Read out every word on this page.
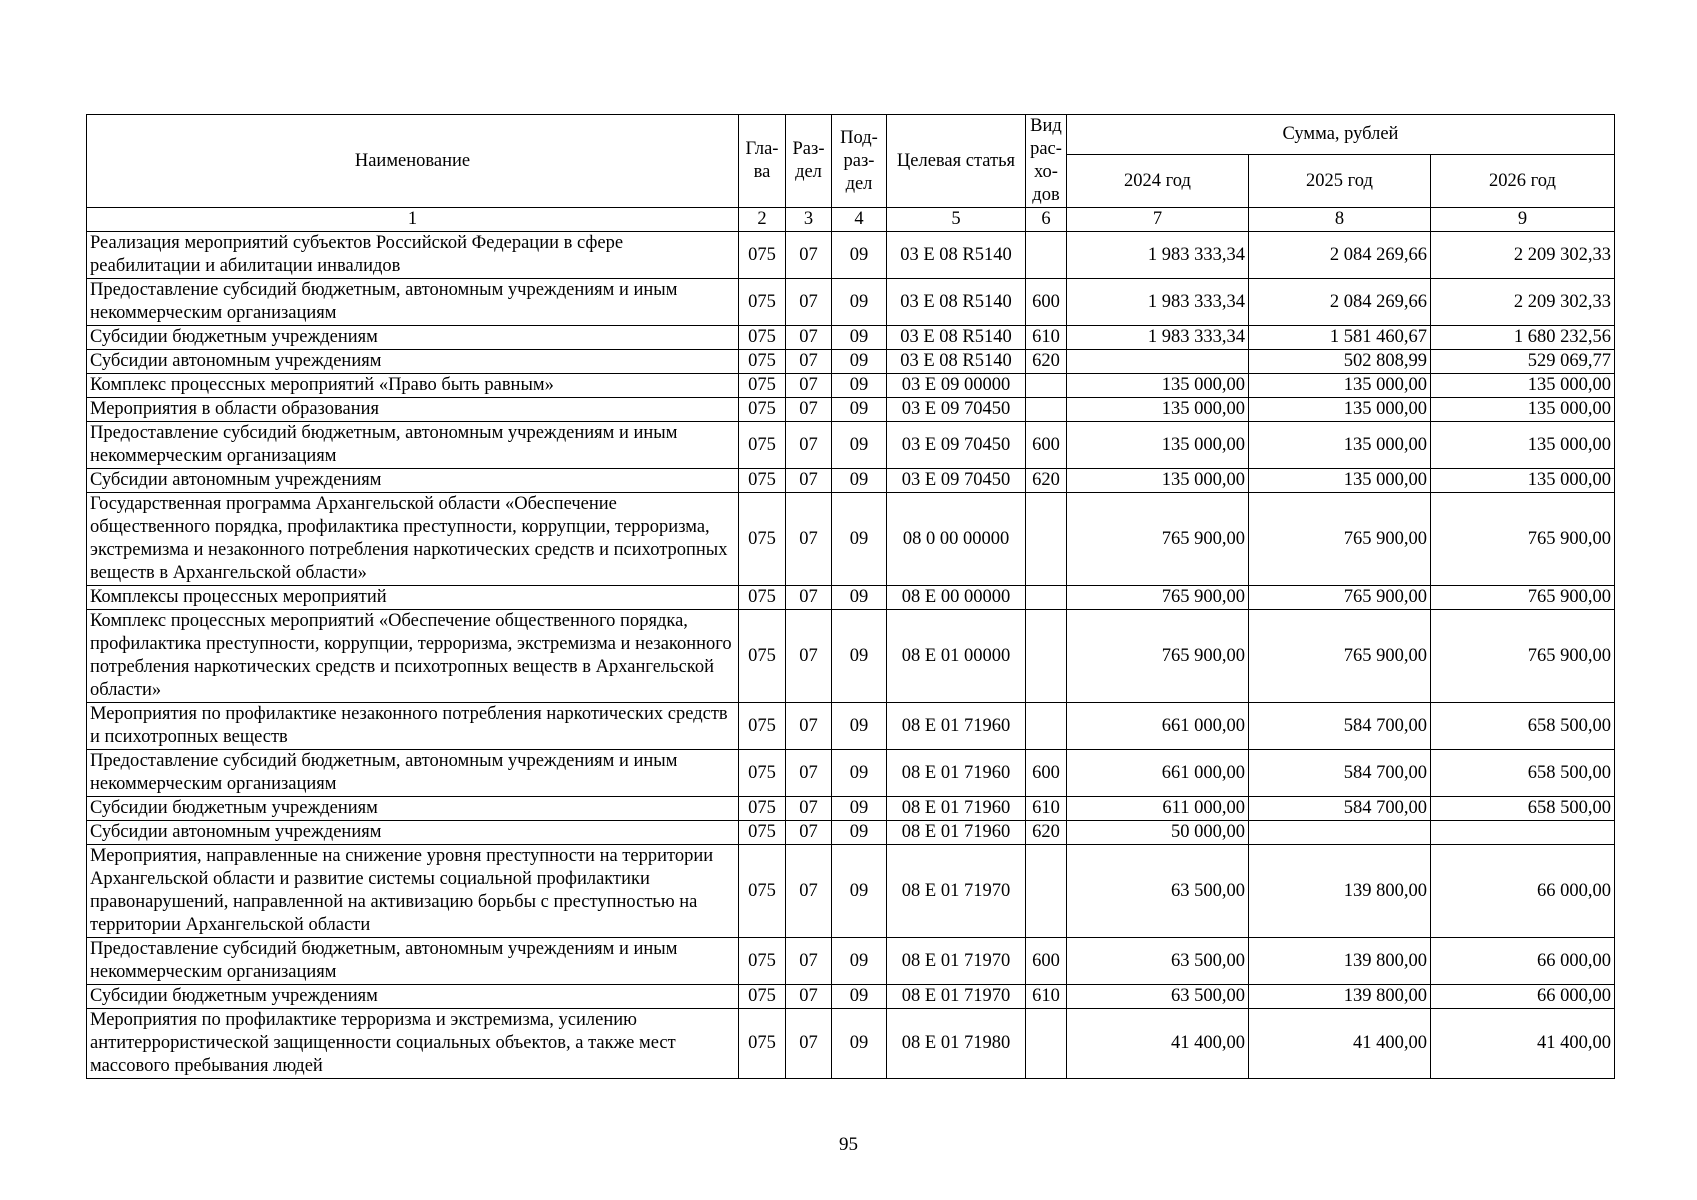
Наименование	Гла-ва	Раз-дел	Под-раз-дел	Целевая статья	Вид рас-хо-дов	Сумма, рублей		
						2024 год	2025 год	2026 год
1	2	3	4	5	6	7	8	9
Реализация мероприятий субъектов Российской Федерации в сфере реабилитации и абилитации инвалидов	075	07	09	03 Е 08 R5140		1 983 333,34	2 084 269,66	2 209 302,33
Предоставление субсидий бюджетным, автономным учреждениям и иным некоммерческим организациям	075	07	09	03 Е 08 R5140	600	1 983 333,34	2 084 269,66	2 209 302,33
Субсидии бюджетным учреждениям	075	07	09	03 Е 08 R5140	610	1 983 333,34	1 581 460,67	1 680 232,56
Субсидии автономным учреждениям	075	07	09	03 Е 08 R5140	620		502 808,99	529 069,77
Комплекс процессных мероприятий «Право быть равным»	075	07	09	03 Е 09 00000		135 000,00	135 000,00	135 000,00
Мероприятия в области образования	075	07	09	03 Е 09 70450		135 000,00	135 000,00	135 000,00
Предоставление субсидий бюджетным, автономным учреждениям и иным некоммерческим организациям	075	07	09	03 Е 09 70450	600	135 000,00	135 000,00	135 000,00
Субсидии автономным учреждениям	075	07	09	03 Е 09 70450	620	135 000,00	135 000,00	135 000,00
Государственная программа Архангельской области «Обеспечение общественного порядка, профилактика преступности, коррупции, терроризма, экстремизма и незаконного потребления наркотических средств и психотропных веществ в Архангельской области»	075	07	09	08 0 00 00000		765 900,00	765 900,00	765 900,00
Комплексы процессных мероприятий	075	07	09	08 Е 00 00000		765 900,00	765 900,00	765 900,00
Комплекс процессных мероприятий «Обеспечение общественного порядка, профилактика преступности, коррупции, терроризма, экстремизма и незаконного потребления наркотических средств и психотропных веществ в Архангельской области»	075	07	09	08 Е 01 00000		765 900,00	765 900,00	765 900,00
Мероприятия по профилактике незаконного потребления наркотических средств и психотропных веществ	075	07	09	08 Е 01 71960		661 000,00	584 700,00	658 500,00
Предоставление субсидий бюджетным, автономным учреждениям и иным некоммерческим организациям	075	07	09	08 Е 01 71960	600	661 000,00	584 700,00	658 500,00
Субсидии бюджетным учреждениям	075	07	09	08 Е 01 71960	610	611 000,00	584 700,00	658 500,00
Субсидии автономным учреждениям	075	07	09	08 Е 01 71960	620	50 000,00		
Мероприятия, направленные на снижение уровня преступности на территории Архангельской области и развитие системы социальной профилактики правонарушений, направленной на активизацию борьбы с преступностью на территории Архангельской области	075	07	09	08 Е 01 71970		63 500,00	139 800,00	66 000,00
Предоставление субсидий бюджетным, автономным учреждениям и иным некоммерческим организациям	075	07	09	08 Е 01 71970	600	63 500,00	139 800,00	66 000,00
Субсидии бюджетным учреждениям	075	07	09	08 Е 01 71970	610	63 500,00	139 800,00	66 000,00
Мероприятия по профилактике терроризма и экстремизма, усилению антитеррористической защищенности социальных объектов, а также мест массового пребывания людей	075	07	09	08 Е 01 71980		41 400,00	41 400,00	41 400,00
95
